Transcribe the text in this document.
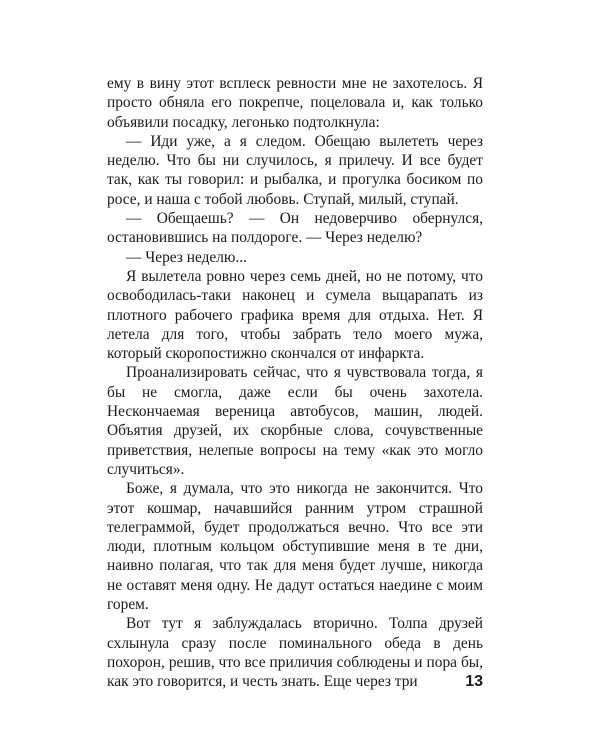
ему в вину этот всплеск ревности мне не захотелось. Я просто обняла его покрепче, поцеловала и, как только объявили посадку, легонько подтолкнула:

— Иди уже, а я следом. Обещаю вылететь через неделю. Что бы ни случилось, я прилечу. И все будет так, как ты говорил: и рыбалка, и прогулка босиком по росе, и наша с тобой любовь. Ступай, милый, ступай.

— Обещаешь? — Он недоверчиво обернулся, остановившись на полдороге. — Через неделю?

— Через неделю...

Я вылетела ровно через семь дней, но не потому, что освободилась-таки наконец и сумела выцарапать из плотного рабочего графика время для отдыха. Нет. Я летела для того, чтобы забрать тело моего мужа, который скоропостижно скончался от инфаркта.

Проанализировать сейчас, что я чувствовала тогда, я бы не смогла, даже если бы очень захотела. Нескончаемая вереница автобусов, машин, людей. Объятия друзей, их скорбные слова, сочувственные приветствия, нелепые вопросы на тему «как это могло случиться».

Боже, я думала, что это никогда не закончится. Что этот кошмар, начавшийся ранним утром страшной телеграммой, будет продолжаться вечно. Что все эти люди, плотным кольцом обступившие меня в те дни, наивно полагая, что так для меня будет лучше, никогда не оставят меня одну. Не дадут остаться наедине с моим горем.

Вот тут я заблуждалась вторично. Толпа друзей схлынула сразу после поминального обеда в день похорон, решив, что все приличия соблюдены и пора бы, как это говорится, и честь знать. Еще через три	13
